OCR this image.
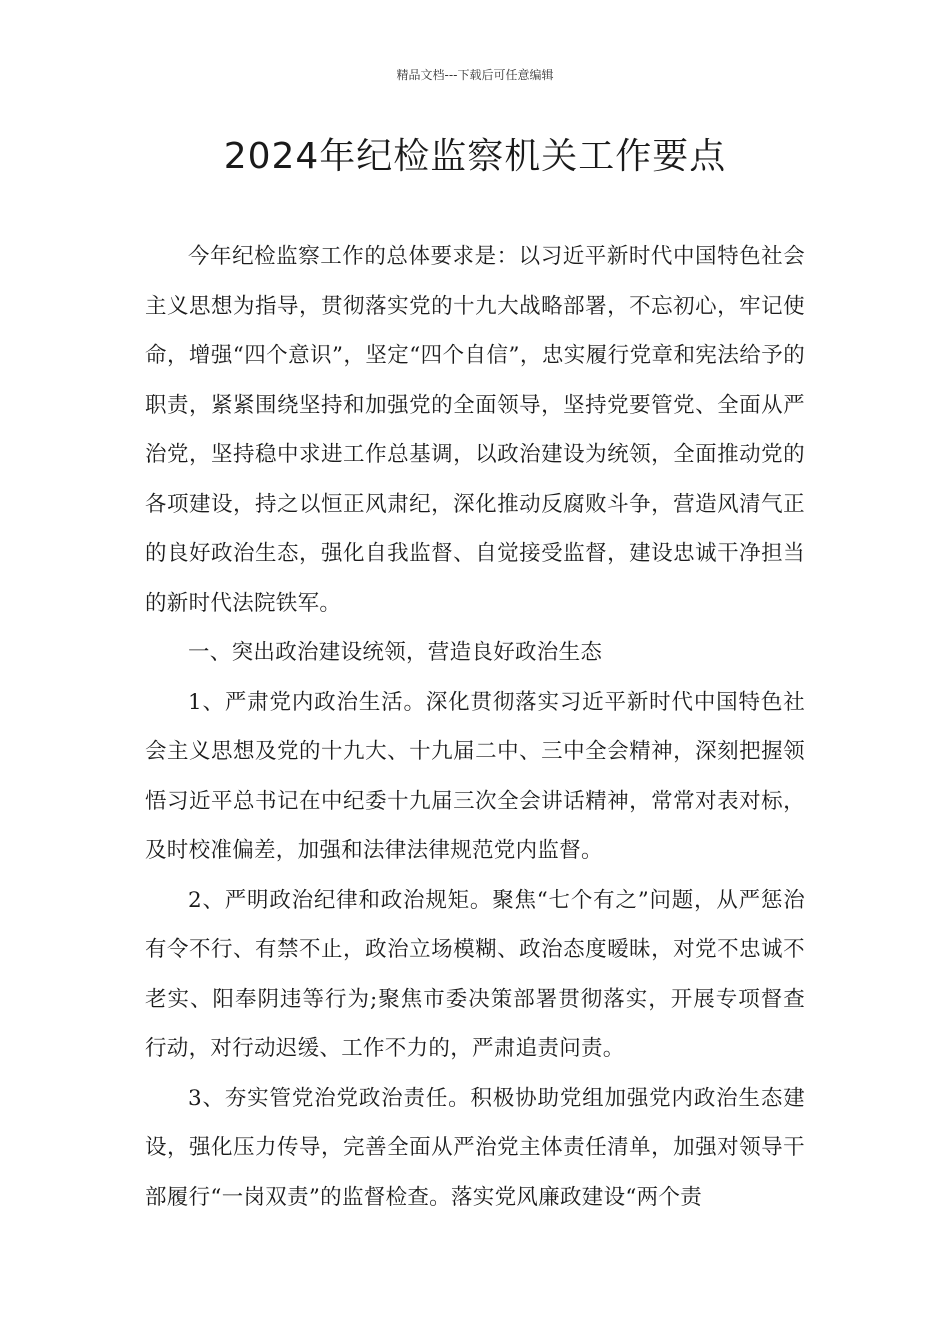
精品文档---下载后可任意编辑
2024年纪检监察机关工作要点

今年纪检监察工作的总体要求是：以习近平新时代中国特色社会主义思想为指导，贯彻落实党的十九大战略部署，不忘初心，牢记使命，增强“四个意识”，坚定“四个自信”，忠实履行党章和宪法给予的职责，紧紧围绕坚持和加强党的全面领导，坚持党要管党、全面从严治党，坚持稳中求进工作总基调，以政治建设为统领，全面推动党的各项建设，持之以恒正风肃纪，深化推动反腐败斗争，营造风清气正的良好政治生态，强化自我监督、自觉接受监督，建设忠诚干净担当的新时代法院铁军。

一、突出政治建设统领，营造良好政治生态

1、严肃党内政治生活。深化贯彻落实习近平新时代中国特色社会主义思想及党的十九大、十九届二中、三中全会精神，深刻把握领悟习近平总书记在中纪委十九届三次全会讲话精神，常常对表对标，及时校准偏差，加强和法律法律规范党内监督。

2、严明政治纪律和政治规矩。聚焦“七个有之”问题，从严惩治有令不行、有禁不止，政治立场模糊、政治态度暧昧，对党不忠诚不老实、阳奉阴违等行为;聚焦市委决策部署贯彻落实，开展专项督查行动，对行动迟缓、工作不力的，严肃追责问责。

3、夯实管党治党政治责任。积极协助党组加强党内政治生态建设，强化压力传导，完善全面从严治党主体责任清单，加强对领导干部履行“一岗双责”的监督检查。落实党风廉政建设“两个责
